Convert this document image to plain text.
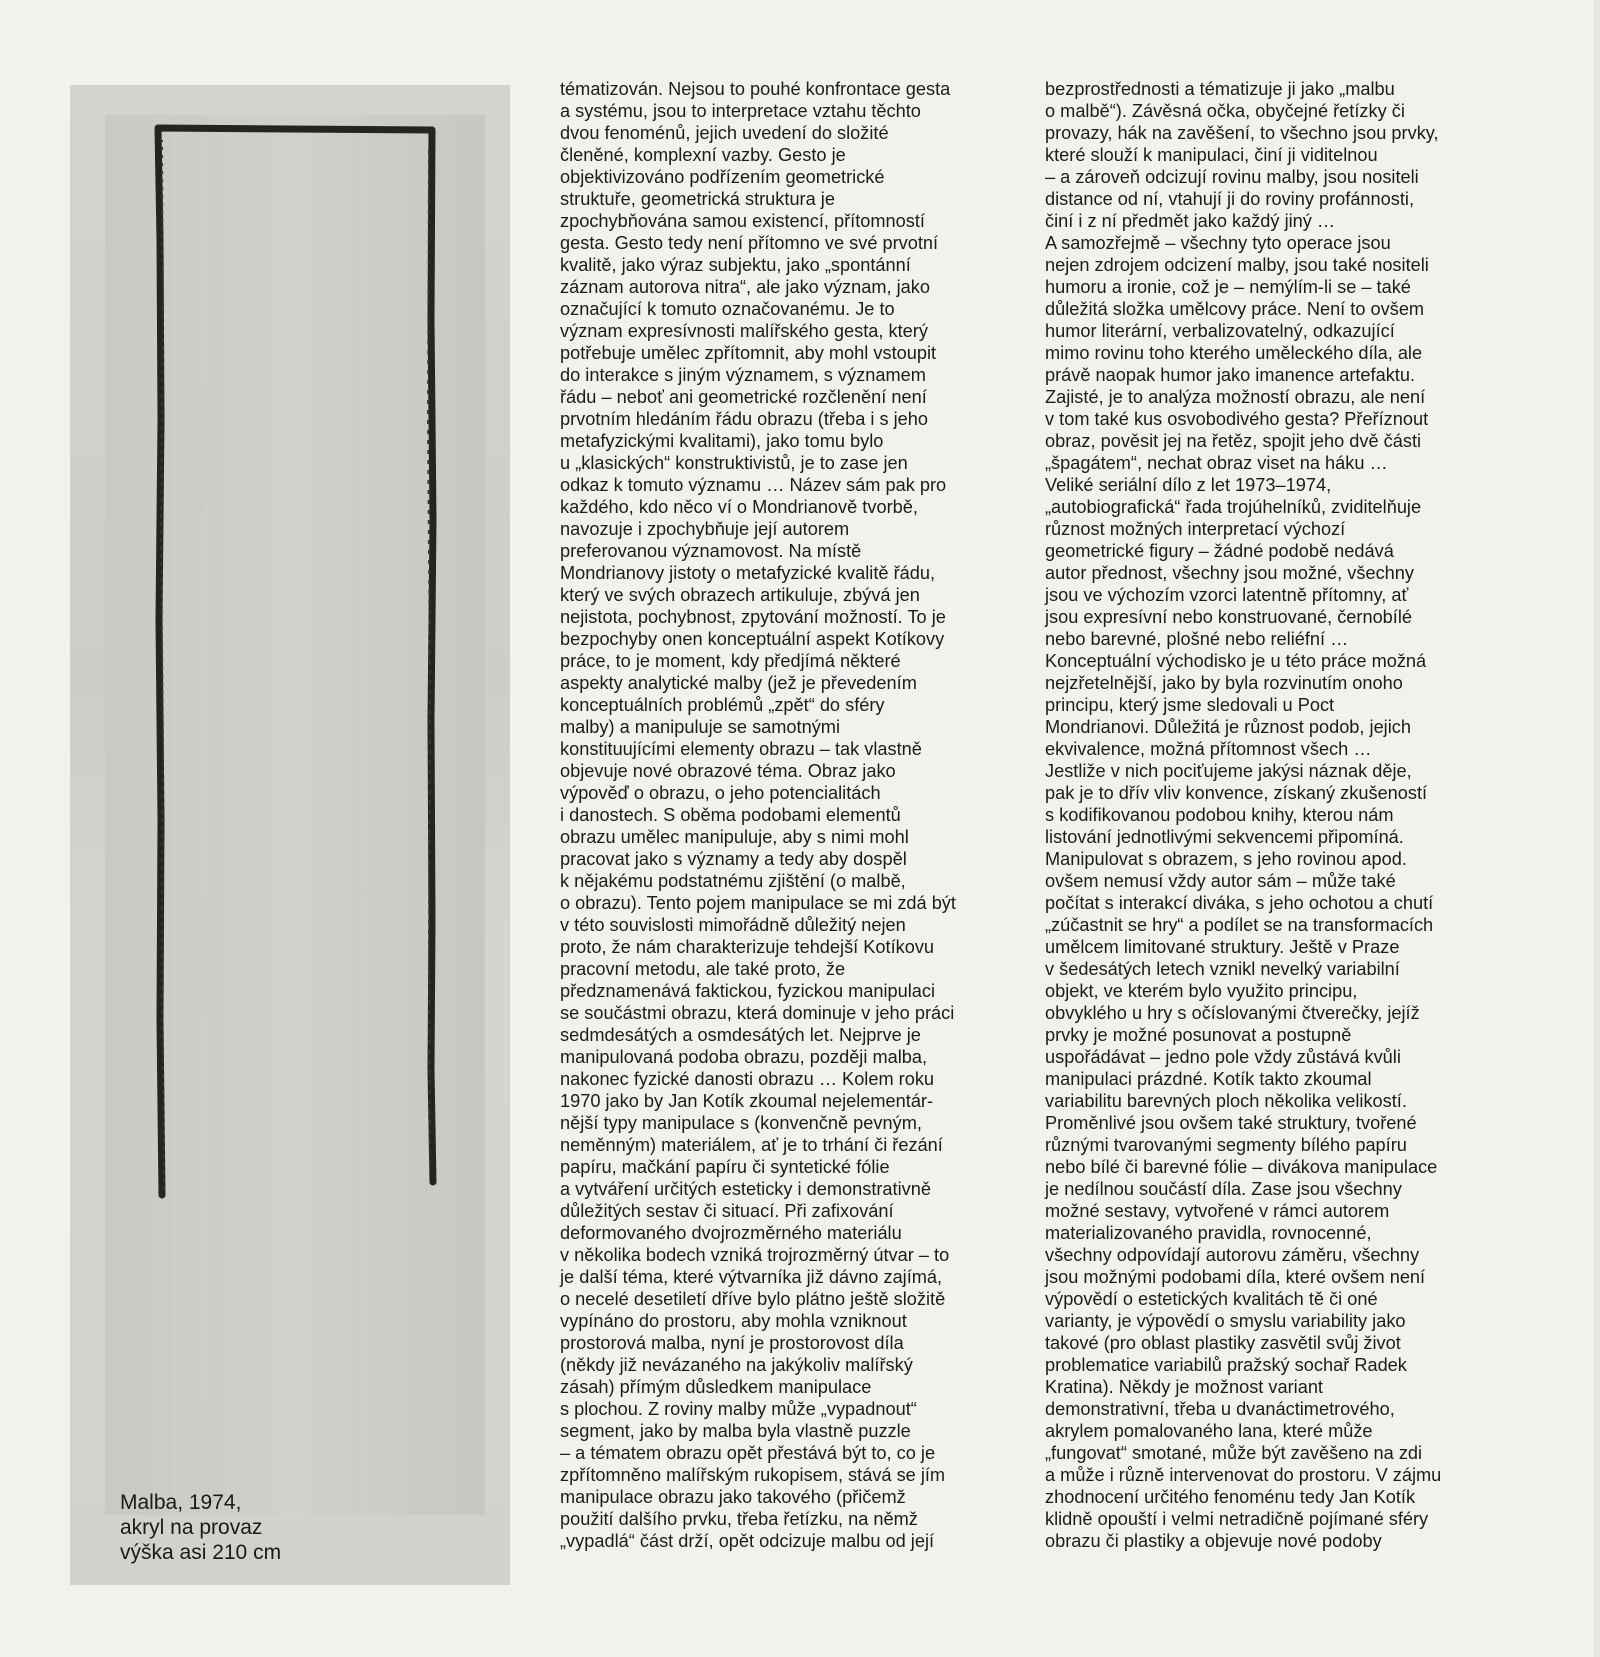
Malba, 1974,
akryl na provaz
výška asi 210 cm
tématizován. Nejsou to pouhé konfrontace gesta
a systému, jsou to interpretace vztahu těchto
dvou fenoménů, jejich uvedení do složité
členěné, komplexní vazby. Gesto je
objektivizováno podřízením geometrické
struktuře, geometrická struktura je
zpochybňována samou existencí, přítomností
gesta. Gesto tedy není přítomno ve své prvotní
kvalitě, jako výraz subjektu, jako „spontánní
záznam autorova nitra“, ale jako význam, jako
označující k tomuto označovanému. Je to
význam expresívnosti malířského gesta, který
potřebuje umělec zpřítomnit, aby mohl vstoupit
do interakce s jiným významem, s významem
řádu – neboť ani geometrické rozčlenění není
prvotním hledáním řádu obrazu (třeba i s jeho
metafyzickými kvalitami), jako tomu bylo
u „klasických“ konstruktivistů, je to zase jen
odkaz k tomuto významu … Název sám pak pro
každého, kdo něco ví o Mondrianově tvorbě,
navozuje i zpochybňuje její autorem
preferovanou významovost. Na místě
Mondrianovy jistoty o metafyzické kvalitě řádu,
který ve svých obrazech artikuluje, zbývá jen
nejistota, pochybnost, zpytování možností. To je
bezpochyby onen konceptuální aspekt Kotíkovy
práce, to je moment, kdy předjímá některé
aspekty analytické malby (jež je převedením
konceptuálních problémů „zpět“ do sféry
malby) a manipuluje se samotnými
konstituujícími elementy obrazu – tak vlastně
objevuje nové obrazové téma. Obraz jako
výpověď o obrazu, o jeho potencialitách
i danostech. S oběma podobami elementů
obrazu umělec manipuluje, aby s nimi mohl
pracovat jako s významy a tedy aby dospěl
k nějakému podstatnému zjištění (o malbě,
o obrazu). Tento pojem manipulace se mi zdá být
v této souvislosti mimořádně důležitý nejen
proto, že nám charakterizuje tehdejší Kotíkovu
pracovní metodu, ale také proto, že
předznamenává faktickou, fyzickou manipulaci
se součástmi obrazu, která dominuje v jeho práci
sedmdesátých a osmdesátých let. Nejprve je
manipulovaná podoba obrazu, později malba,
nakonec fyzické danosti obrazu … Kolem roku
1970 jako by Jan Kotík zkoumal nejelementár-
nější typy manipulace s (konvenčně pevným,
neměnným) materiálem, ať je to trhání či řezání
papíru, mačkání papíru či syntetické fólie
a vytváření určitých esteticky i demonstrativně
důležitých sestav či situací. Při zafixování
deformovaného dvojrozměrného materiálu
v několika bodech vzniká trojrozměrný útvar – to
je další téma, které výtvarníka již dávno zajímá,
o necelé desetiletí dříve bylo plátno ještě složitě
vypínáno do prostoru, aby mohla vzniknout
prostorová malba, nyní je prostorovost díla
(někdy již nevázaného na jakýkoliv malířský
zásah) přímým důsledkem manipulace
s plochou. Z roviny malby může „vypadnout“
segment, jako by malba byla vlastně puzzle
– a tématem obrazu opět přestává být to, co je
zpřítomněno malířským rukopisem, stává se jím
manipulace obrazu jako takového (přičemž
použití dalšího prvku, třeba řetízku, na němž
„vypadlá“ část drží, opět odcizuje malbu od její
bezprostřednosti a tématizuje ji jako „malbu
o malbě“). Závěsná očka, obyčejné řetízky či
provazy, hák na zavěšení, to všechno jsou prvky,
které slouží k manipulaci, činí ji viditelnou
– a zároveň odcizují rovinu malby, jsou nositeli
distance od ní, vtahují ji do roviny profánnosti,
činí i z ní předmět jako každý jiný …
A samozřejmě – všechny tyto operace jsou
nejen zdrojem odcizení malby, jsou také nositeli
humoru a ironie, což je – nemýlím-li se – také
důležitá složka umělcovy práce. Není to ovšem
humor literární, verbalizovatelný, odkazující
mimo rovinu toho kterého uměleckého díla, ale
právě naopak humor jako imanence artefaktu.
Zajisté, je to analýza možností obrazu, ale není
v tom také kus osvobodivého gesta? Přeříznout
obraz, pověsit jej na řetěz, spojit jeho dvě části
„špagátem“, nechat obraz viset na háku …
Veliké seriální dílo z let 1973–1974,
„autobiografická“ řada trojúhelníků, zviditelňuje
různost možných interpretací výchozí
geometrické figury – žádné podobě nedává
autor přednost, všechny jsou možné, všechny
jsou ve výchozím vzorci latentně přítomny, ať
jsou expresívní nebo konstruované, černobílé
nebo barevné, plošné nebo reliéfní …
Konceptuální východisko je u této práce možná
nejzřetelnější, jako by byla rozvinutím onoho
principu, který jsme sledovali u Poct
Mondrianovi. Důležitá je různost podob, jejich
ekvivalence, možná přítomnost všech …
Jestliže v nich pociťujeme jakýsi náznak děje,
pak je to dřív vliv konvence, získaný zkušeností
s kodifikovanou podobou knihy, kterou nám
listování jednotlivými sekvencemi připomíná.
Manipulovat s obrazem, s jeho rovinou apod.
ovšem nemusí vždy autor sám – může také
počítat s interakcí diváka, s jeho ochotou a chutí
„zúčastnit se hry“ a podílet se na transformacích
umělcem limitované struktury. Ještě v Praze
v šedesátých letech vznikl nevelký variabilní
objekt, ve kterém bylo využito principu,
obvyklého u hry s očíslovanými čtverečky, jejíž
prvky je možné posunovat a postupně
uspořádávat – jedno pole vždy zůstává kvůli
manipulaci prázdné. Kotík takto zkoumal
variabilitu barevných ploch několika velikostí.
Proměnlivé jsou ovšem také struktury, tvořené
různými tvarovanými segmenty bílého papíru
nebo bílé či barevné fólie – divákova manipulace
je nedílnou součástí díla. Zase jsou všechny
možné sestavy, vytvořené v rámci autorem
materializovaného pravidla, rovnocenné,
všechny odpovídají autorovu záměru, všechny
jsou možnými podobami díla, které ovšem není
výpovědí o estetických kvalitách tě či oné
varianty, je výpovědí o smyslu variability jako
takové (pro oblast plastiky zasvětil svůj život
problematice variabilů pražský sochař Radek
Kratina). Někdy je možnost variant
demonstrativní, třeba u dvanáctimetrového,
akrylem pomalovaného lana, které může
„fungovat“ smotané, může být zavěšeno na zdi
a může i různě intervenovat do prostoru. V zájmu
zhodnocení určitého fenoménu tedy Jan Kotík
klidně opouští i velmi netradičně pojímané sféry
obrazu či plastiky a objevuje nové podoby
